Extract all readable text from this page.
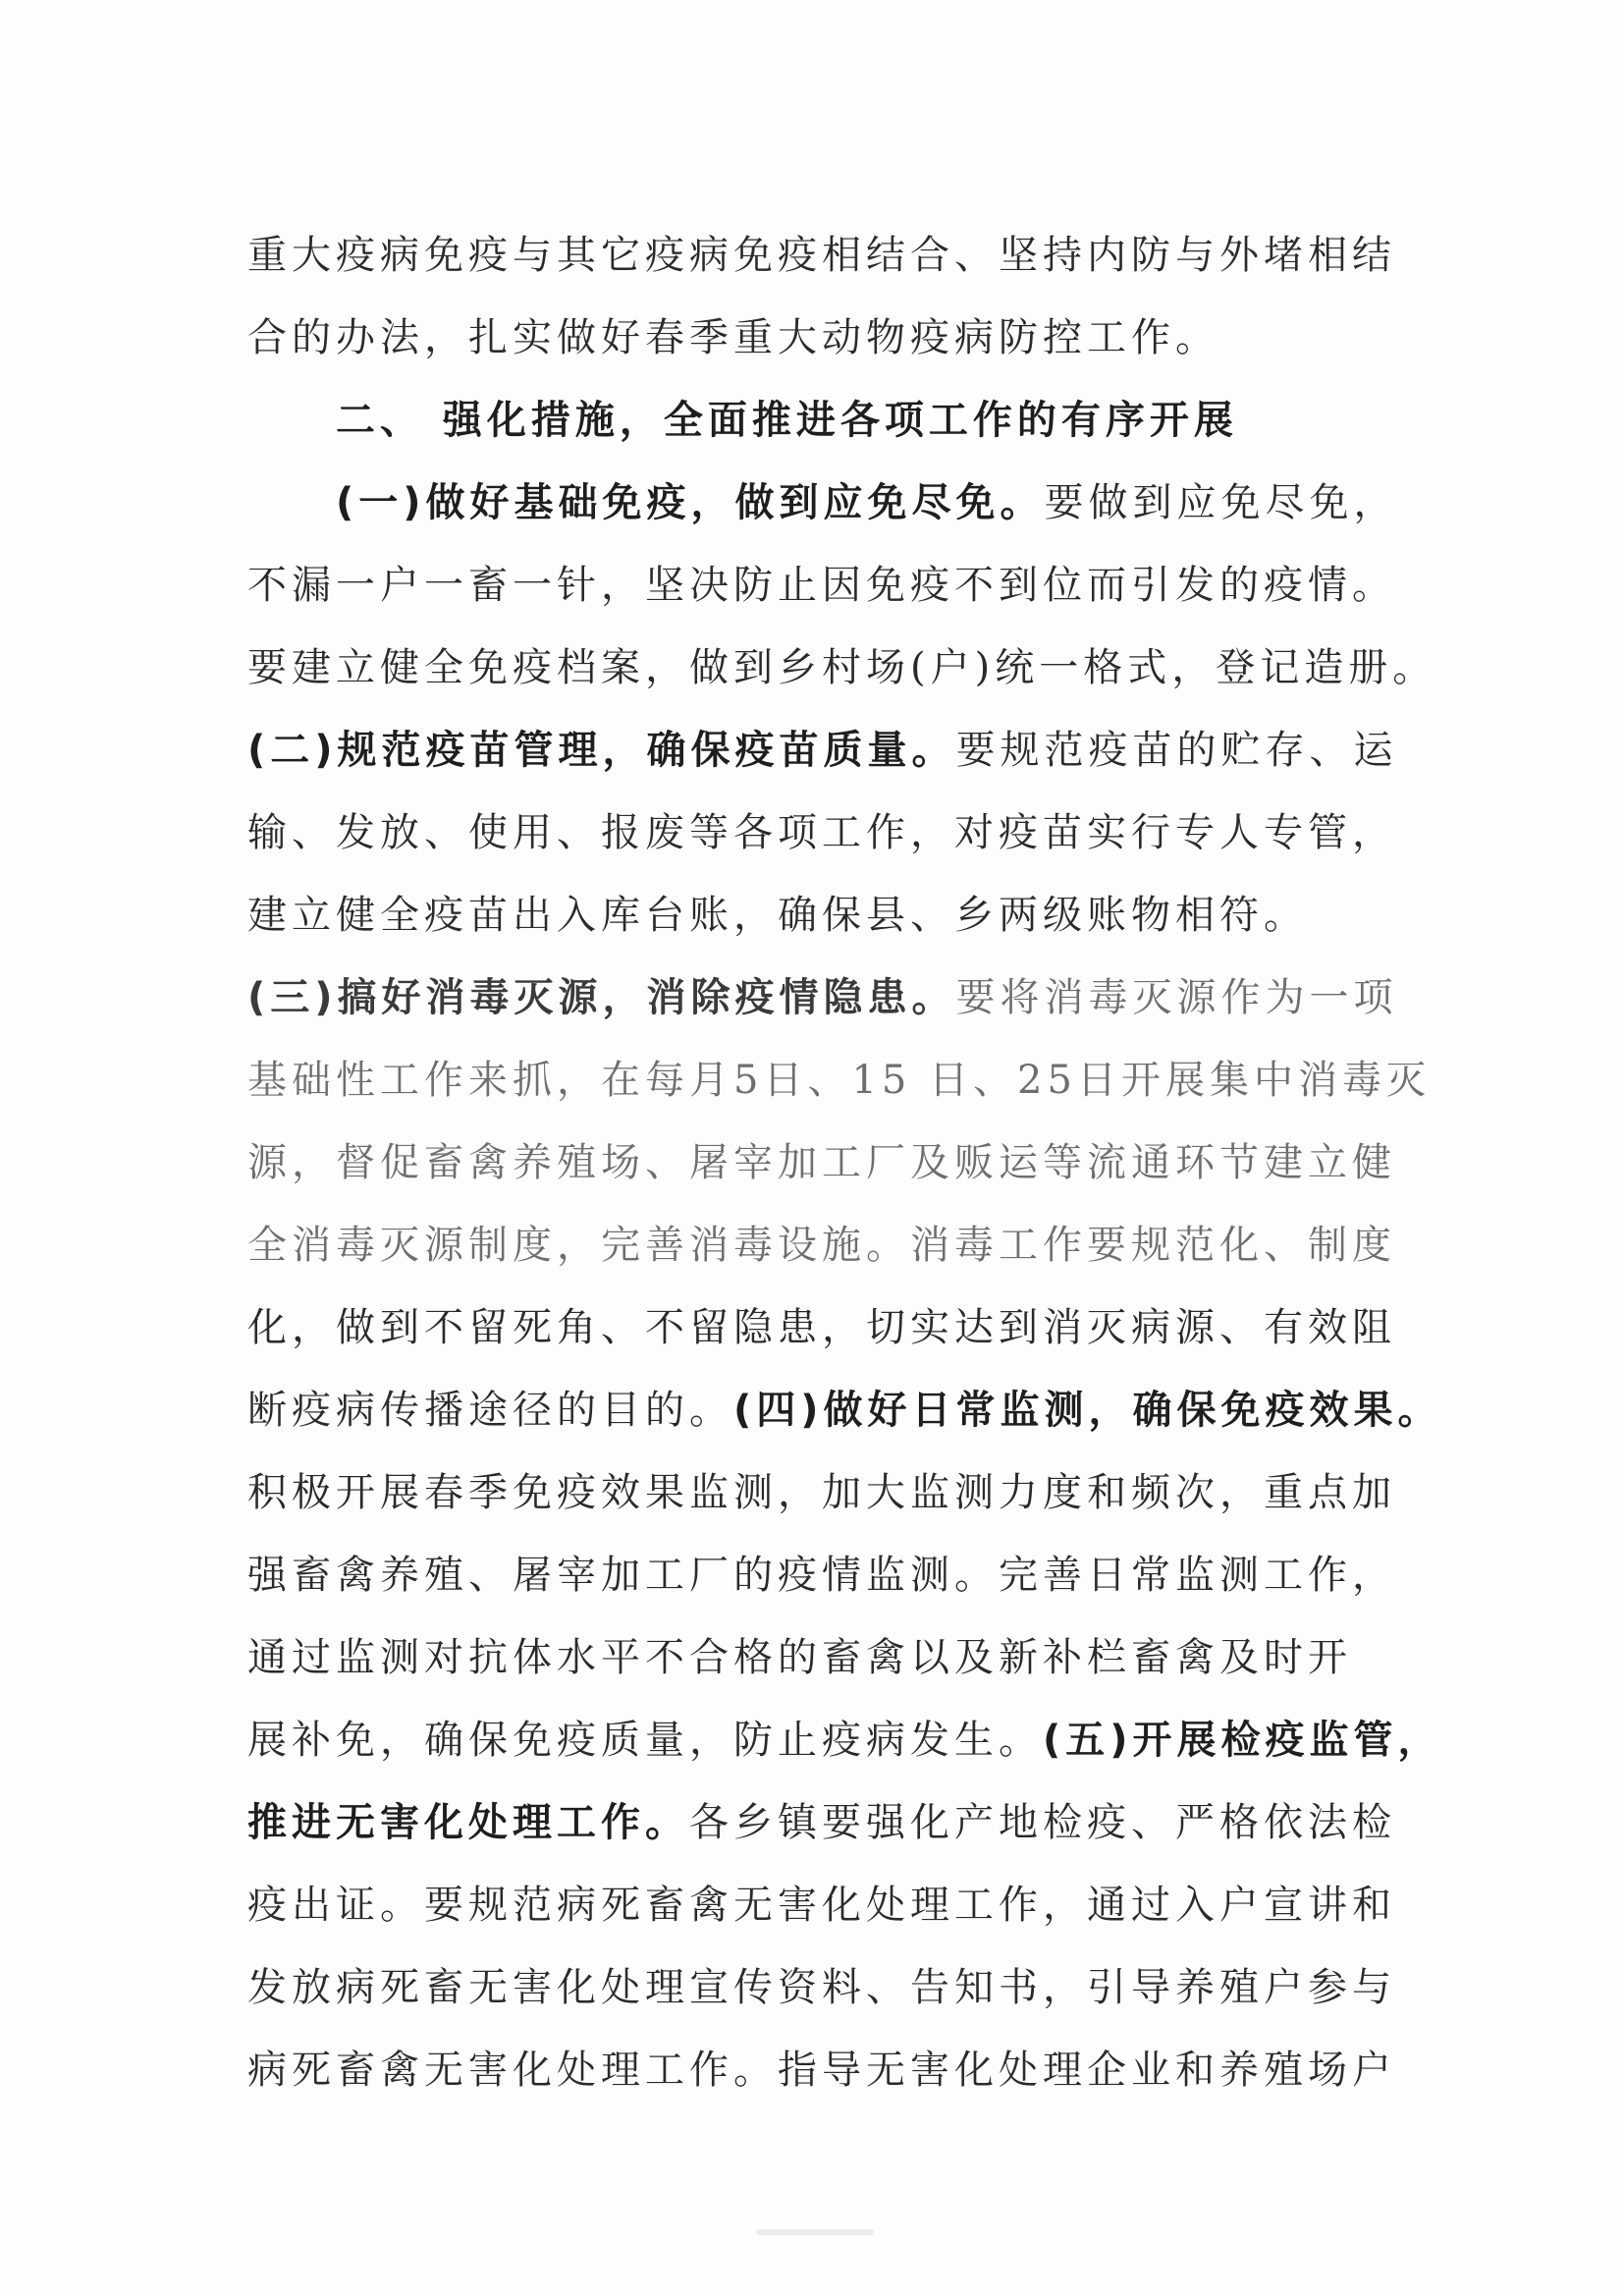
重大疫病免疫与其它疫病免疫相结合、坚持内防与外堵相结
合的办法，扎实做好春季重大动物疫病防控工作。
二、 强化措施，全面推进各项工作的有序开展
(一)做好基础免疫，做到应免尽免。要做到应免尽免，
不漏一户一畜一针，坚决防止因免疫不到位而引发的疫情。
要建立健全免疫档案，做到乡村场(户)统一格式，登记造册。
(二)规范疫苗管理，确保疫苗质量。要规范疫苗的贮存、运
输、发放、使用、报废等各项工作，对疫苗实行专人专管，
建立健全疫苗出入库台账，确保县、乡两级账物相符。
(三)搞好消毒灭源，消除疫情隐患。要将消毒灭源作为一项
基础性工作来抓，在每月5日、15 日、25日开展集中消毒灭
源，督促畜禽养殖场、屠宰加工厂及贩运等流通环节建立健
全消毒灭源制度，完善消毒设施。消毒工作要规范化、制度
化，做到不留死角、不留隐患，切实达到消灭病源、有效阻
断疫病传播途径的目的。(四)做好日常监测，确保免疫效果。
积极开展春季免疫效果监测，加大监测力度和频次，重点加
强畜禽养殖、屠宰加工厂的疫情监测。完善日常监测工作，
通过监测对抗体水平不合格的畜禽以及新补栏畜禽及时开
展补免，确保免疫质量，防止疫病发生。(五)开展检疫监管，
推进无害化处理工作。各乡镇要强化产地检疫、严格依法检
疫出证。要规范病死畜禽无害化处理工作，通过入户宣讲和
发放病死畜无害化处理宣传资料、告知书，引导养殖户参与
病死畜禽无害化处理工作。指导无害化处理企业和养殖场户
